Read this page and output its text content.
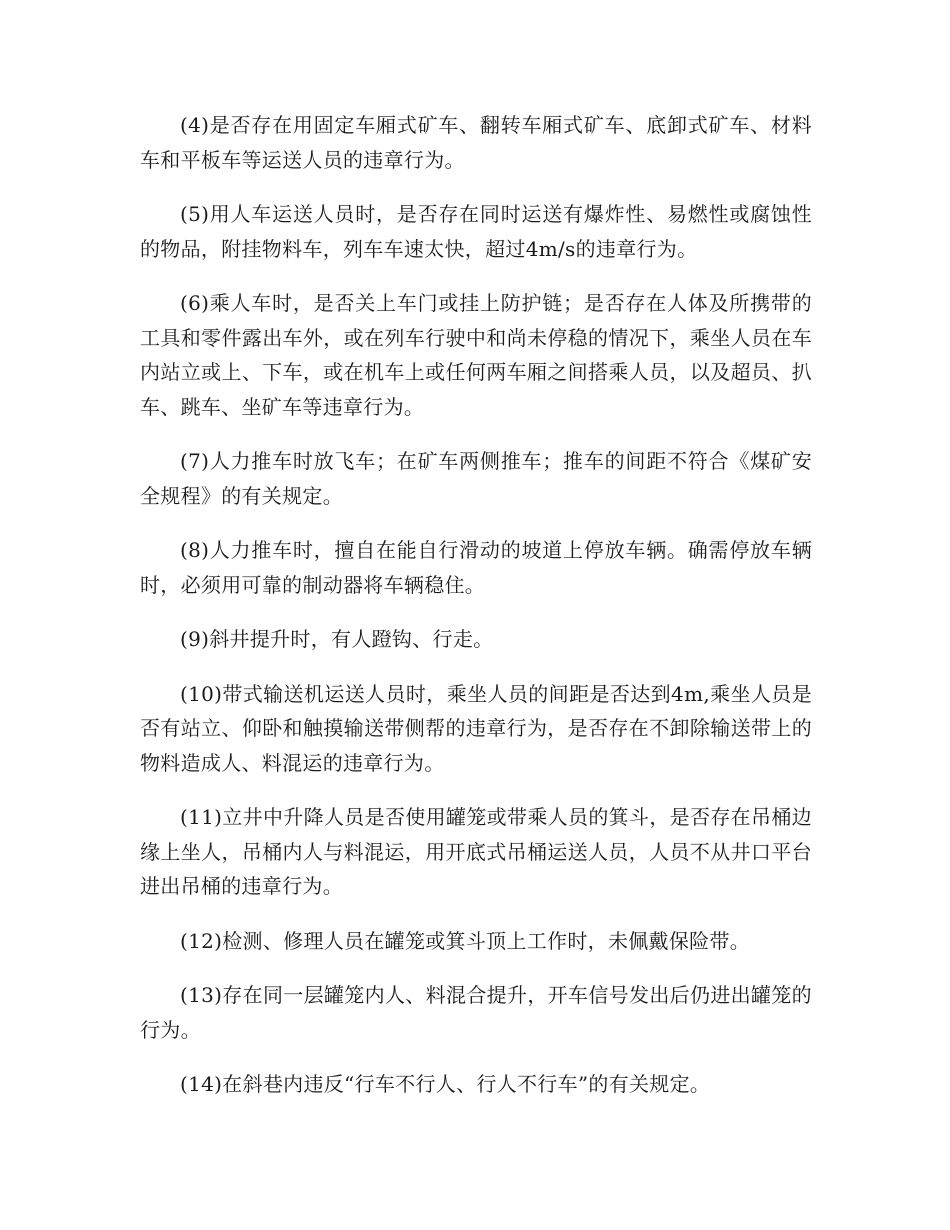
(4)是否存在用固定车厢式矿车、翻转车厢式矿车、底卸式矿车、材料车和平板车等运送人员的违章行为。

(5)用人车运送人员时，是否存在同时运送有爆炸性、易燃性或腐蚀性的物品，附挂物料车，列车车速太快，超过4m/s的违章行为。

(6)乘人车时，是否关上车门或挂上防护链；是否存在人体及所携带的工具和零件露出车外，或在列车行驶中和尚未停稳的情况下，乘坐人员在车内站立或上、下车，或在机车上或任何两车厢之间搭乘人员，以及超员、扒车、跳车、坐矿车等违章行为。

(7)人力推车时放飞车；在矿车两侧推车；推车的间距不符合《煤矿安全规程》的有关规定。

(8)人力推车时，擅自在能自行滑动的坡道上停放车辆。确需停放车辆时，必须用可靠的制动器将车辆稳住。

(9)斜井提升时，有人蹬钩、行走。

(10)带式输送机运送人员时，乘坐人员的间距是否达到4m,乘坐人员是否有站立、仰卧和触摸输送带侧帮的违章行为，是否存在不卸除输送带上的物料造成人、料混运的违章行为。

(11)立井中升降人员是否使用罐笼或带乘人员的箕斗，是否存在吊桶边缘上坐人，吊桶内人与料混运，用开底式吊桶运送人员，人员不从井口平台进出吊桶的违章行为。

(12)检测、修理人员在罐笼或箕斗顶上工作时，未佩戴保险带。

(13)存在同一层罐笼内人、料混合提升，开车信号发出后仍进出罐笼的行为。

(14)在斜巷内违反“行车不行人、行人不行车”的有关规定。
